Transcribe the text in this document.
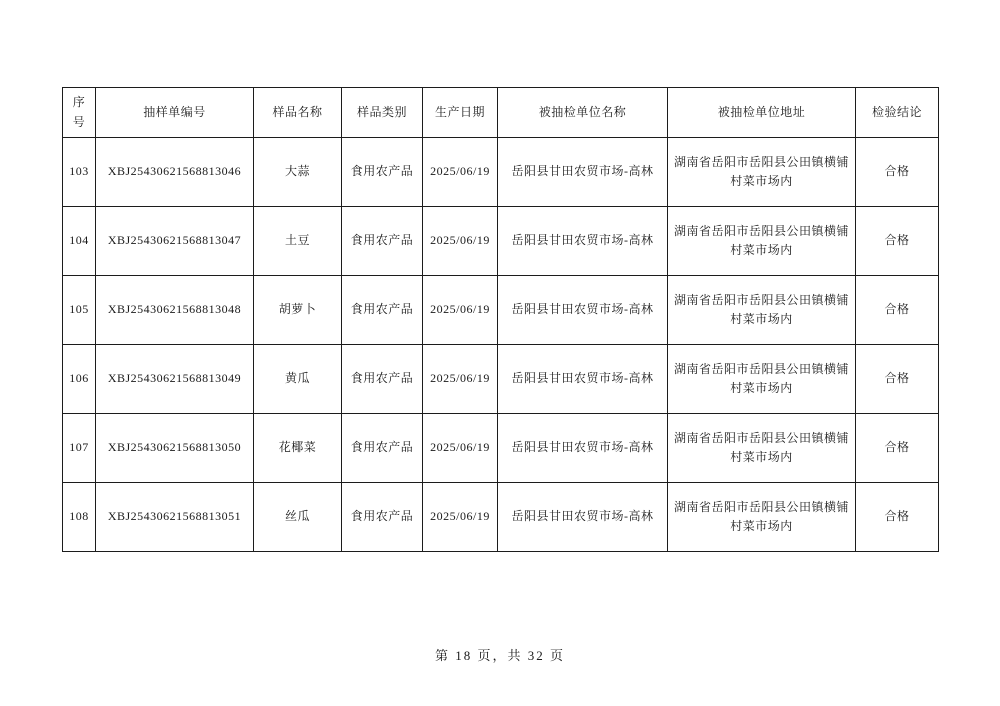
序号	抽样单编号	样品名称	样品类别	生产日期	被抽检单位名称	被抽检单位地址	检验结论
103	XBJ25430621568813046	大蒜	食用农产品	2025/06/19	岳阳县甘田农贸市场-高林	湖南省岳阳市岳阳县公田镇横铺村菜市场内	合格
104	XBJ25430621568813047	土豆	食用农产品	2025/06/19	岳阳县甘田农贸市场-高林	湖南省岳阳市岳阳县公田镇横铺村菜市场内	合格
105	XBJ25430621568813048	胡萝卜	食用农产品	2025/06/19	岳阳县甘田农贸市场-高林	湖南省岳阳市岳阳县公田镇横铺村菜市场内	合格
106	XBJ25430621568813049	黄瓜	食用农产品	2025/06/19	岳阳县甘田农贸市场-高林	湖南省岳阳市岳阳县公田镇横铺村菜市场内	合格
107	XBJ25430621568813050	花椰菜	食用农产品	2025/06/19	岳阳县甘田农贸市场-高林	湖南省岳阳市岳阳县公田镇横铺村菜市场内	合格
108	XBJ25430621568813051	丝瓜	食用农产品	2025/06/19	岳阳县甘田农贸市场-高林	湖南省岳阳市岳阳县公田镇横铺村菜市场内	合格
第 18 页，共 32 页
